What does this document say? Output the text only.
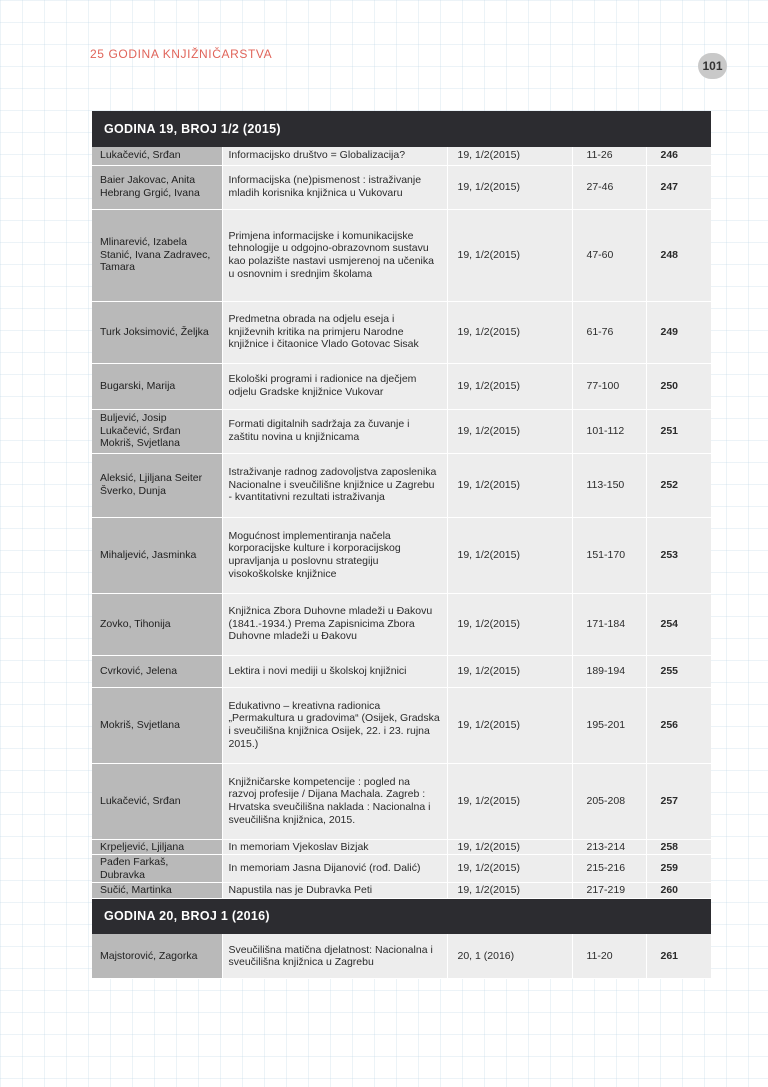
25 GODINA KNJIŽNIČARSTVA
101
GODINA 19, BROJ 1/2 (2015)				
Lukačević, Srđan	Informacijsko društvo = Globalizacija?	19, 1/2(2015)	11-26	246
Baier Jakovac, Anita Hebrang Grgić, Ivana	Informacijska (ne)pismenost : istraživanje mladih korisnika knjižnica u Vukovaru	19, 1/2(2015)	27-46	247
Mlinarević, Izabela Stanić, Ivana Zadravec, Tamara	Primjena informacijske i komunikacijske tehnologije u odgojno-obrazovnom sustavu kao polazište nastavi usmjerenoj na učenika u osnovnim i srednjim školama	19, 1/2(2015)	47-60	248
Turk Joksimović, Željka	Predmetna obrada na odjelu eseja i književnih kritika na primjeru Narodne knjižnice i čitaonice Vlado Gotovac Sisak	19, 1/2(2015)	61-76	249
Bugarski, Marija	Ekološki programi i radionice na dječjem odjelu Gradske knjižnice Vukovar	19, 1/2(2015)	77-100	250
Buljević, Josip Lukačević, Srđan Mokriš, Svjetlana	Formati digitalnih sadržaja za čuvanje i zaštitu novina u knjižnicama	19, 1/2(2015)	101-112	251
Aleksić, Ljiljana Seiter Šverko, Dunja	Istraživanje radnog zadovoljstva zaposlenika Nacionalne i sveučilišne knjižnice u Zagrebu - kvantitativni rezultati istraživanja	19, 1/2(2015)	113-150	252
Mihaljević, Jasminka	Mogućnost implementiranja načela korporacijske kulture i korporacijskog upravljanja u poslovnu strategiju visokoškolske knjižnice	19, 1/2(2015)	151-170	253
Zovko, Tihonija	Knjižnica Zbora Duhovne mladeži u Đakovu (1841.-1934.) Prema Zapisnicima Zbora Duhovne mladeži u Đakovu	19, 1/2(2015)	171-184	254
Cvrković, Jelena	Lektira i novi mediji u školskoj knjižnici	19, 1/2(2015)	189-194	255
Mokriš, Svjetlana	Edukativno – kreativna radionica „Permakultura u gradovima“ (Osijek, Gradska i sveučilišna knjižnica Osijek, 22. i 23. rujna 2015.)	19, 1/2(2015)	195-201	256
Lukačević, Srđan	Knjižničarske kompetencije : pogled na razvoj profesije / Dijana Machala. Zagreb : Hrvatska sveučilišna naklada : Nacionalna i sveučilišna knjižnica, 2015.	19, 1/2(2015)	205-208	257
Krpeljević, Ljiljana	In memoriam Vjekoslav Bizjak	19, 1/2(2015)	213-214	258
Pađen Farkaš, Dubravka	In memoriam Jasna Dijanović (rođ. Dalić)	19, 1/2(2015)	215-216	259
Sučić, Martinka	Napustila nas je Dubravka Peti	19, 1/2(2015)	217-219	260
GODINA 20, BROJ 1 (2016)				
Majstorović, Zagorka	Sveučilišna matična djelatnost: Nacionalna i sveučilišna knjižnica u Zagrebu	20, 1 (2016)	11-20	261
